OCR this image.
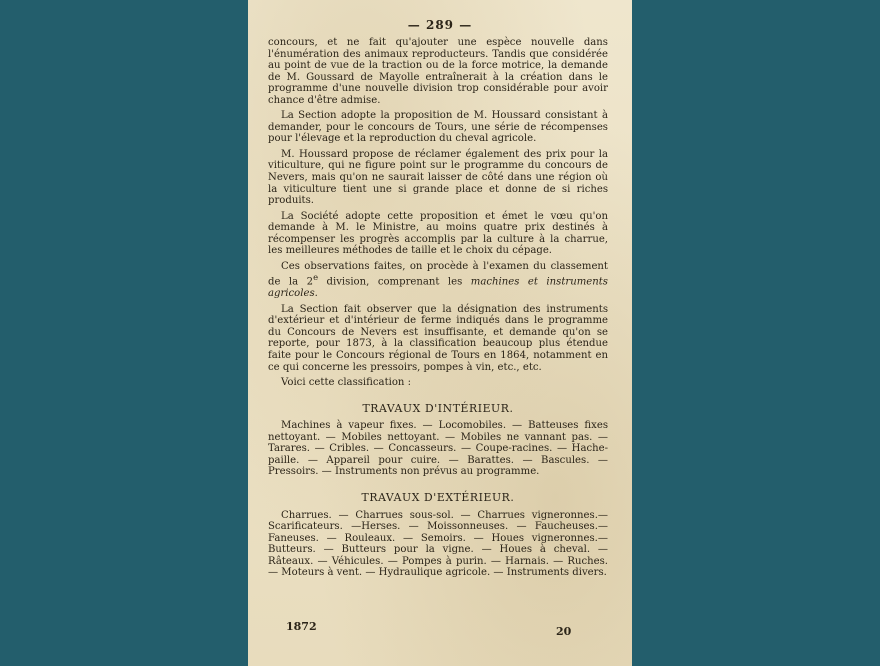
— 289 —

concours, et ne fait qu'ajouter une espèce nouvelle dans l'énumération des animaux reproducteurs. Tandis que considérée au point de vue de la traction ou de la force motrice, la demande de M. Goussard de Mayolle entraînerait à la création dans le programme d'une nouvelle division trop considérable pour avoir chance d'être admise.

La Section adopte la proposition de M. Houssard consistant à demander, pour le concours de Tours, une série de récompenses pour l'élevage et la reproduction du cheval agricole.

M. Houssard propose de réclamer également des prix pour la viticulture, qui ne figure point sur le programme du concours de Nevers, mais qu'on ne saurait laisser de côté dans une région où la viticulture tient une si grande place et donne de si riches produits.

La Société adopte cette proposition et émet le vœu qu'on demande à M. le Ministre, au moins quatre prix destinés à récompenser les progrès accomplis par la culture à la charrue, les meilleures méthodes de taille et le choix du cépage.

Ces observations faites, on procède à l'examen du classement de la 2e division, comprenant les machines et instruments agricoles.

La Section fait observer que la désignation des instruments d'extérieur et d'intérieur de ferme indiqués dans le programme du Concours de Nevers est insuffisante, et demande qu'on se reporte, pour 1873, à la classification beaucoup plus étendue faite pour le Concours régional de Tours en 1864, notamment en ce qui concerne les pressoirs, pompes à vin, etc., etc.

Voici cette classification :

TRAVAUX D'INTÉRIEUR.

Machines à vapeur fixes. — Locomobiles. — Batteuses fixes nettoyant. — Mobiles nettoyant. — Mobiles ne vannant pas. — Tarares. — Cribles. — Concasseurs. — Coupe-racines. — Hache-paille. — Appareil pour cuire. — Barattes. — Bascules. — Pressoirs. — Instruments non prévus au programme.

TRAVAUX D'EXTÉRIEUR.

Charrues. — Charrues sous-sol. — Charrues vigneronnes.— Scarificateurs. —Herses. — Moissonneuses. — Faucheuses.— Faneuses. — Rouleaux. — Semoirs. — Houes vigneronnes.— Butteurs. — Butteurs pour la vigne. — Houes à cheval. — Râteaux. — Véhicules. — Pompes à purin. — Harnais. — Ruches. — Moteurs à vent. — Hydraulique agricole. — Instruments divers.

1872	20
